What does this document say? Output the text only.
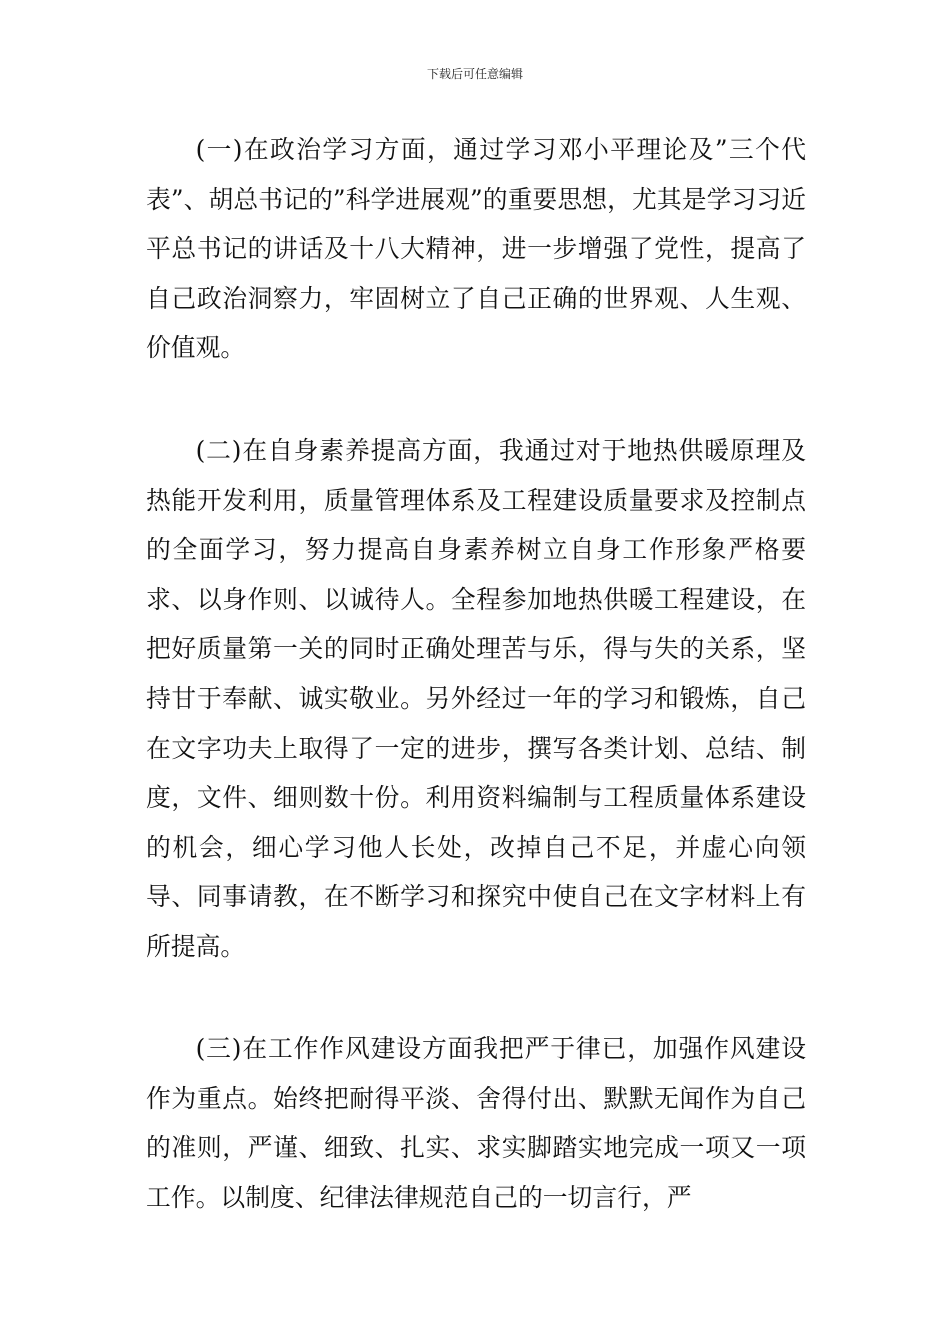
下载后可任意编辑

(一)在政治学习方面，通过学习邓小平理论及”三个代表”、胡总书记的”科学进展观”的重要思想，尤其是学习习近平总书记的讲话及十八大精神，进一步增强了党性，提高了自己政治洞察力，牢固树立了自己正确的世界观、人生观、价值观。

(二)在自身素养提高方面，我通过对于地热供暖原理及热能开发利用，质量管理体系及工程建设质量要求及控制点的全面学习，努力提高自身素养树立自身工作形象严格要求、以身作则、以诚待人。全程参加地热供暖工程建设，在把好质量第一关的同时正确处理苦与乐，得与失的关系，坚持甘于奉献、诚实敬业。另外经过一年的学习和锻炼，自己在文字功夫上取得了一定的进步，撰写各类计划、总结、制度，文件、细则数十份。利用资料编制与工程质量体系建设的机会，细心学习他人长处，改掉自己不足，并虚心向领导、同事请教，在不断学习和探究中使自己在文字材料上有所提高。

(三)在工作作风建设方面我把严于律已，加强作风建设作为重点。始终把耐得平淡、舍得付出、默默无闻作为自己的准则，严谨、细致、扎实、求实脚踏实地完成一项又一项工作。以制度、纪律法律规范自己的一切言行，严
